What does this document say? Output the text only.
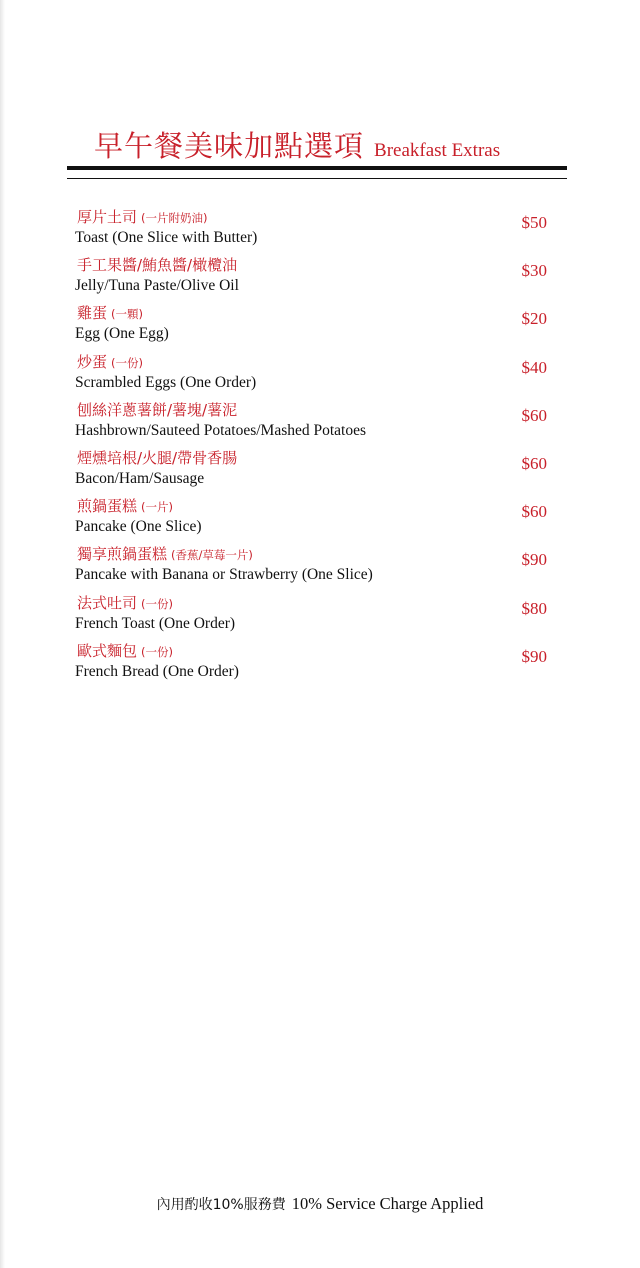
早午餐美味加點選項 Breakfast Extras
厚片土司 (一片附奶油)
Toast (One Slice with Butter)
$50
手工果醬/鮪魚醬/橄欖油
Jelly/Tuna Paste/Olive Oil
$30
雞蛋 (一顆)
Egg (One Egg)
$20
炒蛋 (一份)
Scrambled Eggs (One Order)
$40
刨絲洋蔥薯餅/薯塊/薯泥
Hashbrown/Sauteed Potatoes/Mashed Potatoes
$60
煙燻培根/火腿/帶骨香腸
Bacon/Ham/Sausage
$60
煎鍋蛋糕 (一片)
Pancake (One Slice)
$60
獨享煎鍋蛋糕 (香蕉/草莓一片)
Pancake with Banana or Strawberry (One Slice)
$90
法式吐司 (一份)
French Toast (One Order)
$80
歐式麵包 (一份)
French Bread (One Order)
$90
內用酌收10%服務費 10% Service Charge Applied
